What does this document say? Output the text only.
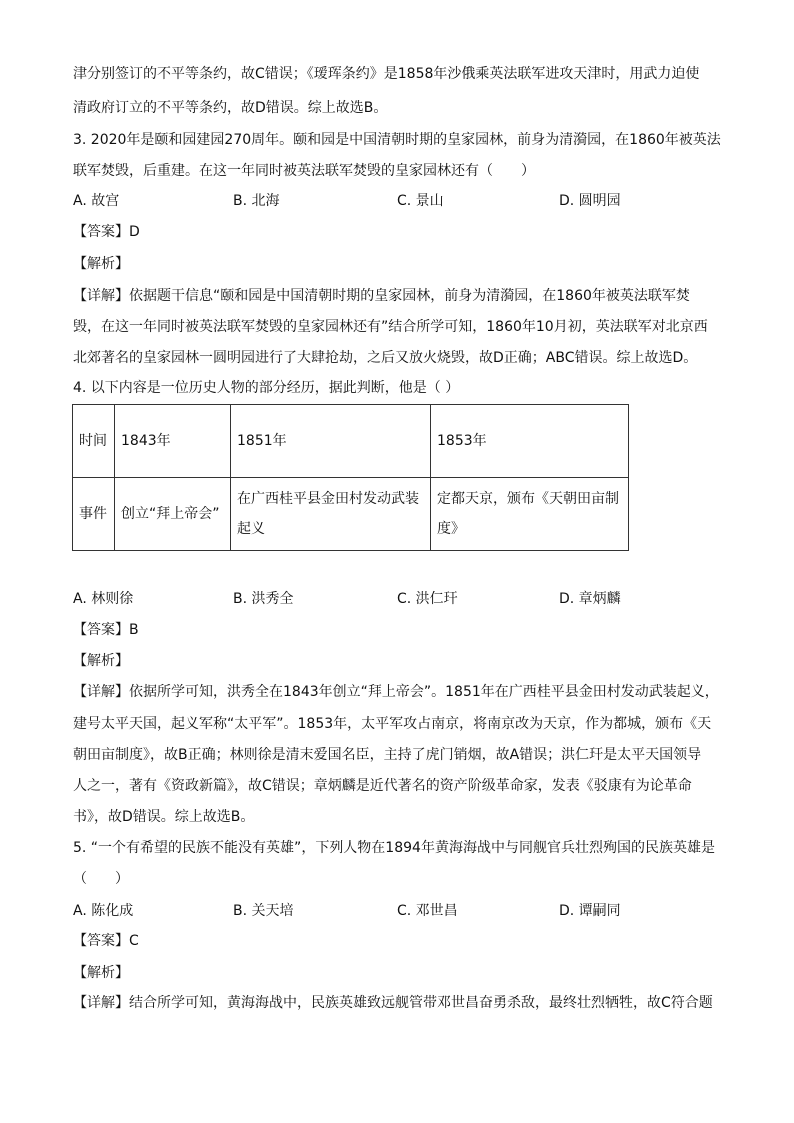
津分别签订的不平等条约，故C错误；《瑷珲条约》是1858年沙俄乘英法联军进攻天津时，用武力迫使
清政府订立的不平等条约，故D错误。综上故选B。
3. 2020年是颐和园建园270周年。颐和园是中国清朝时期的皇家园林，前身为清漪园，在1860年被英法
联军焚毁，后重建。在这一年同时被英法联军焚毁的皇家园林还有（　　）
A. 故宫	B. 北海	C. 景山	D. 圆明园
【答案】D
【解析】
【详解】依据题干信息“颐和园是中国清朝时期的皇家园林，前身为清漪园，在1860年被英法联军焚
毁，在这一年同时被英法联军焚毁的皇家园林还有”结合所学可知，1860年10月初，英法联军对北京西
北郊著名的皇家园林一圆明园进行了大肆抢劫，之后又放火烧毁，故D正确；ABC错误。综上故选D。
4. 以下内容是一位历史人物的部分经历，据此判断，他是（ ）
时间	1843年	1851年	1853年
事件	创立“拜上帝会”	在广西桂平县金田村发动武装起义	定都天京，颁布《天朝田亩制度》
A. 林则徐	B. 洪秀全	C. 洪仁玕	D. 章炳麟
【答案】B
【解析】
【详解】依据所学可知，洪秀全在1843年创立“拜上帝会”。1851年在广西桂平县金田村发动武装起义，
建号太平天国，起义军称“太平军”。1853年，太平军攻占南京，将南京改为天京，作为都城，颁布《天
朝田亩制度》，故B正确；林则徐是清末爱国名臣，主持了虎门销烟，故A错误；洪仁玕是太平天国领导
人之一，著有《资政新篇》，故C错误；章炳麟是近代著名的资产阶级革命家，发表《驳康有为论革命
书》，故D错误。综上故选B。
5. “一个有希望的民族不能没有英雄”，下列人物在1894年黄海海战中与同舰官兵壮烈殉国的民族英雄是
（　　）
A. 陈化成	B. 关天培	C. 邓世昌	D. 谭嗣同
【答案】C
【解析】
【详解】结合所学可知，黄海海战中，民族英雄致远舰管带邓世昌奋勇杀敌，最终壮烈牺牲，故C符合题
